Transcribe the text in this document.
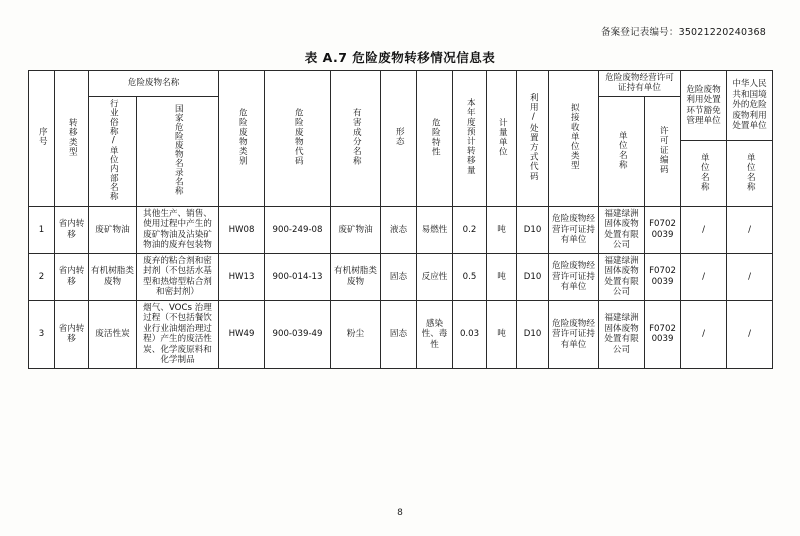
备案登记表编号：35021220240368
表 A.7 危险废物转移情况信息表
序号	转移类型	危险废物名称		危险废物类别	危险废物代码	有害成分名称	形态	危险特性	本年度预计转移量	计量单位	利用/处置方式代码	拟接收单位类型	危险废物经营许可证持有单位		危险废物利用处置环节豁免管理单位	中华人民共和国境外的危险废物利用处置单位
		行业俗称/单位内部名称	国家危险废物名录名称										单位名称	许可证编码		
															单位名称	单位名称
1	省内转移	废矿物油	其他生产、销售、使用过程中产生的废矿物油及沾染矿物油的废弃包装物	HW08	900-249-08	废矿物油	液态	易燃性	0.2	吨	D10	危险废物经营许可证持有单位	福建绿洲固体废物处置有限公司	F07020039	/	/
2	省内转移	有机树脂类废物	废弃的粘合剂和密封剂（不包括水基型和热熔型粘合剂和密封剂）	HW13	900-014-13	有机树脂类废物	固态	反应性	0.5	吨	D10	危险废物经营许可证持有单位	福建绿洲固体废物处置有限公司	F07020039	/	/
3	省内转移	废活性炭	烟气、VOCs 治理过程（不包括餐饮业行业油烟治理过程）产生的废活性炭、化学废原料和化学制品	HW49	900-039-49	粉尘	固态	感染性、毒性	0.03	吨	D10	危险废物经营许可证持有单位	福建绿洲固体废物处置有限公司	F07020039	/	/
8
